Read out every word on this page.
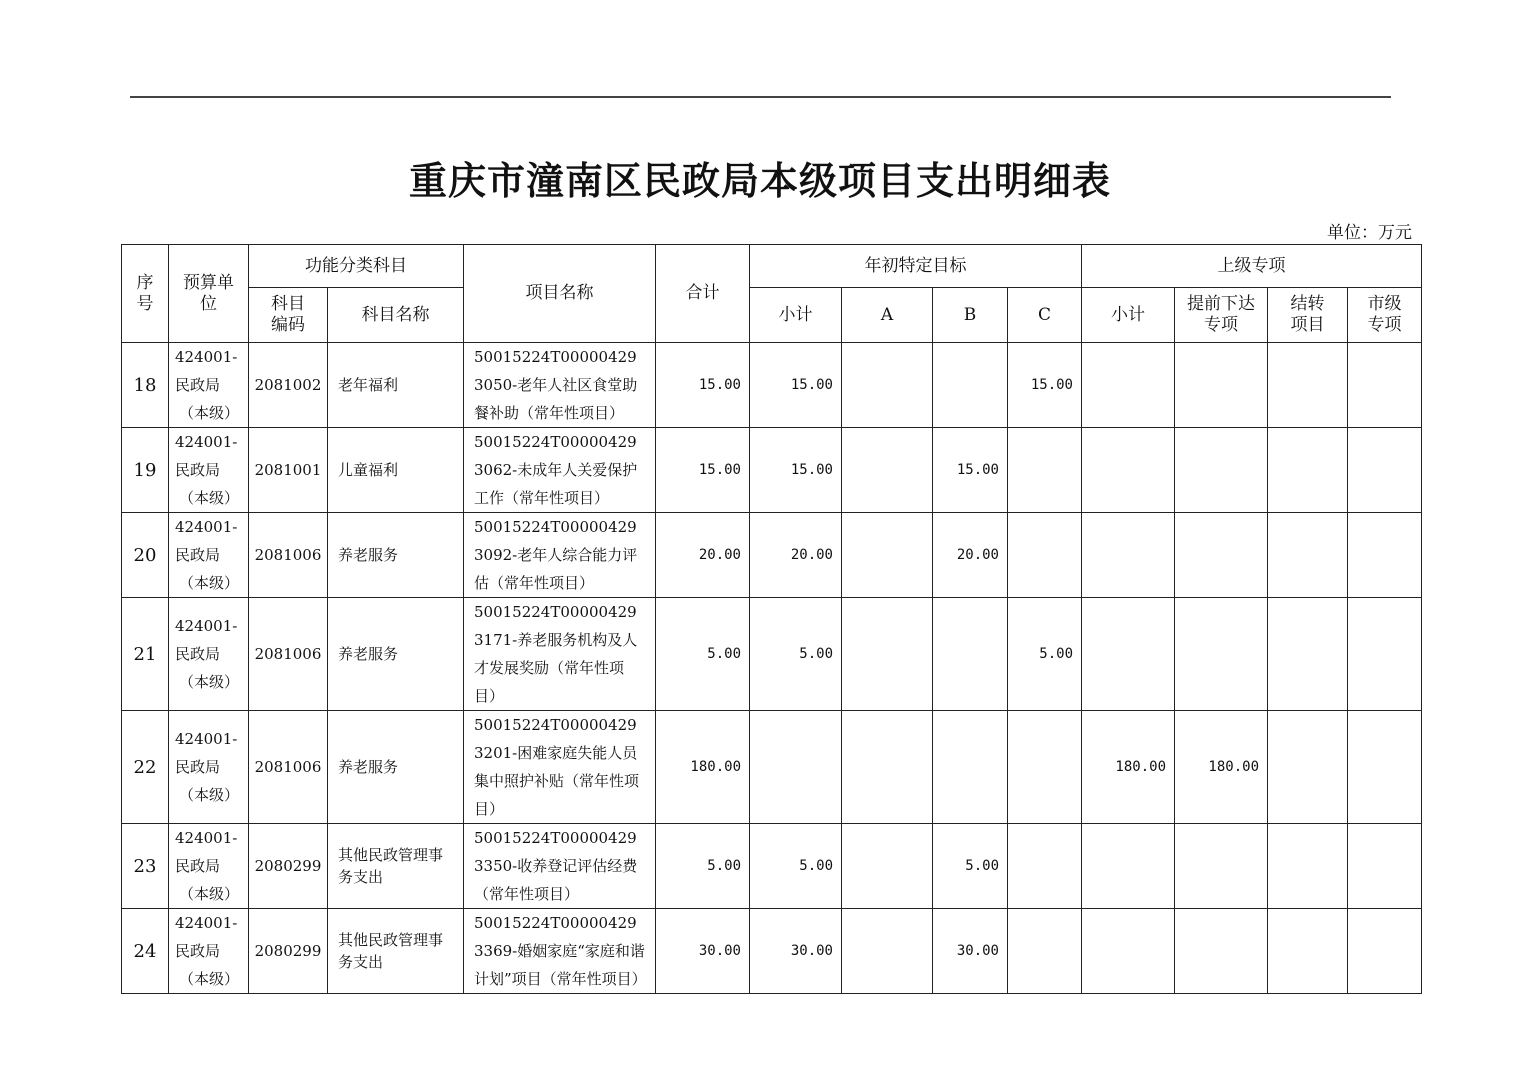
重庆市潼南区民政局本级项目支出明细表
单位：万元
序号	预算单位	功能分类科目		项目名称	合计	年初特定目标				上级专项			
		科目编码	科目名称			小计	A	B	C	小计	提前下达专项	结转项目	市级专项
18	424001-
民政局
（本级）	2081002	老年福利	50015224T000004293050-老年人社区食堂助餐补助（常年性项目）	15.00	15.00			15.00				
19	424001-
民政局
（本级）	2081001	儿童福利	50015224T000004293062-未成年人关爱保护工作（常年性项目）	15.00	15.00		15.00					
20	424001-
民政局
（本级）	2081006	养老服务	50015224T000004293092-老年人综合能力评估（常年性项目）	20.00	20.00		20.00					
21	424001-
民政局
（本级）	2081006	养老服务	50015224T000004293171-养老服务机构及人才发展奖励（常年性项目）	5.00	5.00			5.00				
22	424001-
民政局
（本级）	2081006	养老服务	50015224T000004293201-困难家庭失能人员集中照护补贴（常年性项目）	180.00					180.00	180.00		
23	424001-
民政局
（本级）	2080299	其他民政管理事务支出	50015224T000004293350-收养登记评估经费（常年性项目）	5.00	5.00		5.00					
24	424001-
民政局
（本级）	2080299	其他民政管理事务支出	50015224T000004293369-婚姻家庭“家庭和谐计划”项目（常年性项目）	30.00	30.00		30.00					
